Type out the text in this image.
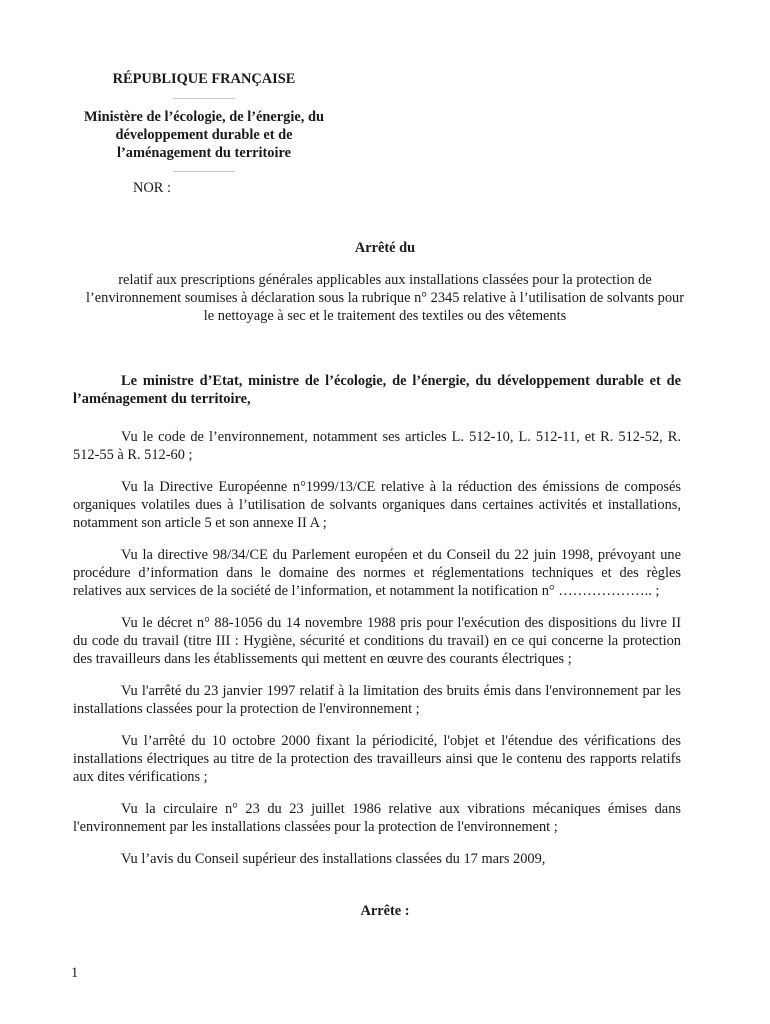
RÉPUBLIQUE FRANÇAISE
Ministère de l’écologie, de l’énergie, du développement durable et de l’aménagement du territoire
NOR :
Arrêté du
relatif aux prescriptions générales applicables aux installations classées pour la protection de l’environnement soumises à déclaration sous la rubrique n° 2345 relative à l’utilisation de solvants pour le nettoyage à sec et le traitement des textiles ou des vêtements

Le ministre d’Etat, ministre de l’écologie, de l’énergie, du développement durable et de l’aménagement du territoire,

Vu le code de l’environnement, notamment ses articles L. 512-10, L. 512-11, et R. 512-52, R. 512-55 à R. 512-60 ;

Vu la Directive Européenne n°1999/13/CE relative à la réduction des émissions de composés organiques volatiles dues à l’utilisation de solvants organiques dans certaines activités et installations, notamment son article 5 et son annexe II A ;

Vu la directive 98/34/CE du Parlement européen et du Conseil du 22 juin 1998, prévoyant une procédure d’information dans le domaine des normes et réglementations techniques et des règles relatives aux services de la société de l’information, et notamment la notification n° ……………….. ;

Vu le décret n° 88-1056 du 14 novembre 1988 pris pour l'exécution des dispositions du livre II du code du travail (titre III : Hygiène, sécurité et conditions du travail) en ce qui concerne la protection des travailleurs dans les établissements qui mettent en œuvre des courants électriques ;

Vu l'arrêté du 23 janvier 1997 relatif à la limitation des bruits émis dans l'environnement par les installations classées pour la protection de l'environnement ;

Vu l’arrêté du 10 octobre 2000 fixant la périodicité, l'objet et l'étendue des vérifications des installations électriques au titre de la protection des travailleurs ainsi que le contenu des rapports relatifs aux dites vérifications ;

Vu la circulaire n° 23 du 23 juillet 1986 relative aux vibrations mécaniques émises dans l'environnement par les installations classées pour la protection de l'environnement ;

Vu l’avis du Conseil supérieur des installations classées du 17 mars 2009,

Arrête :
1
